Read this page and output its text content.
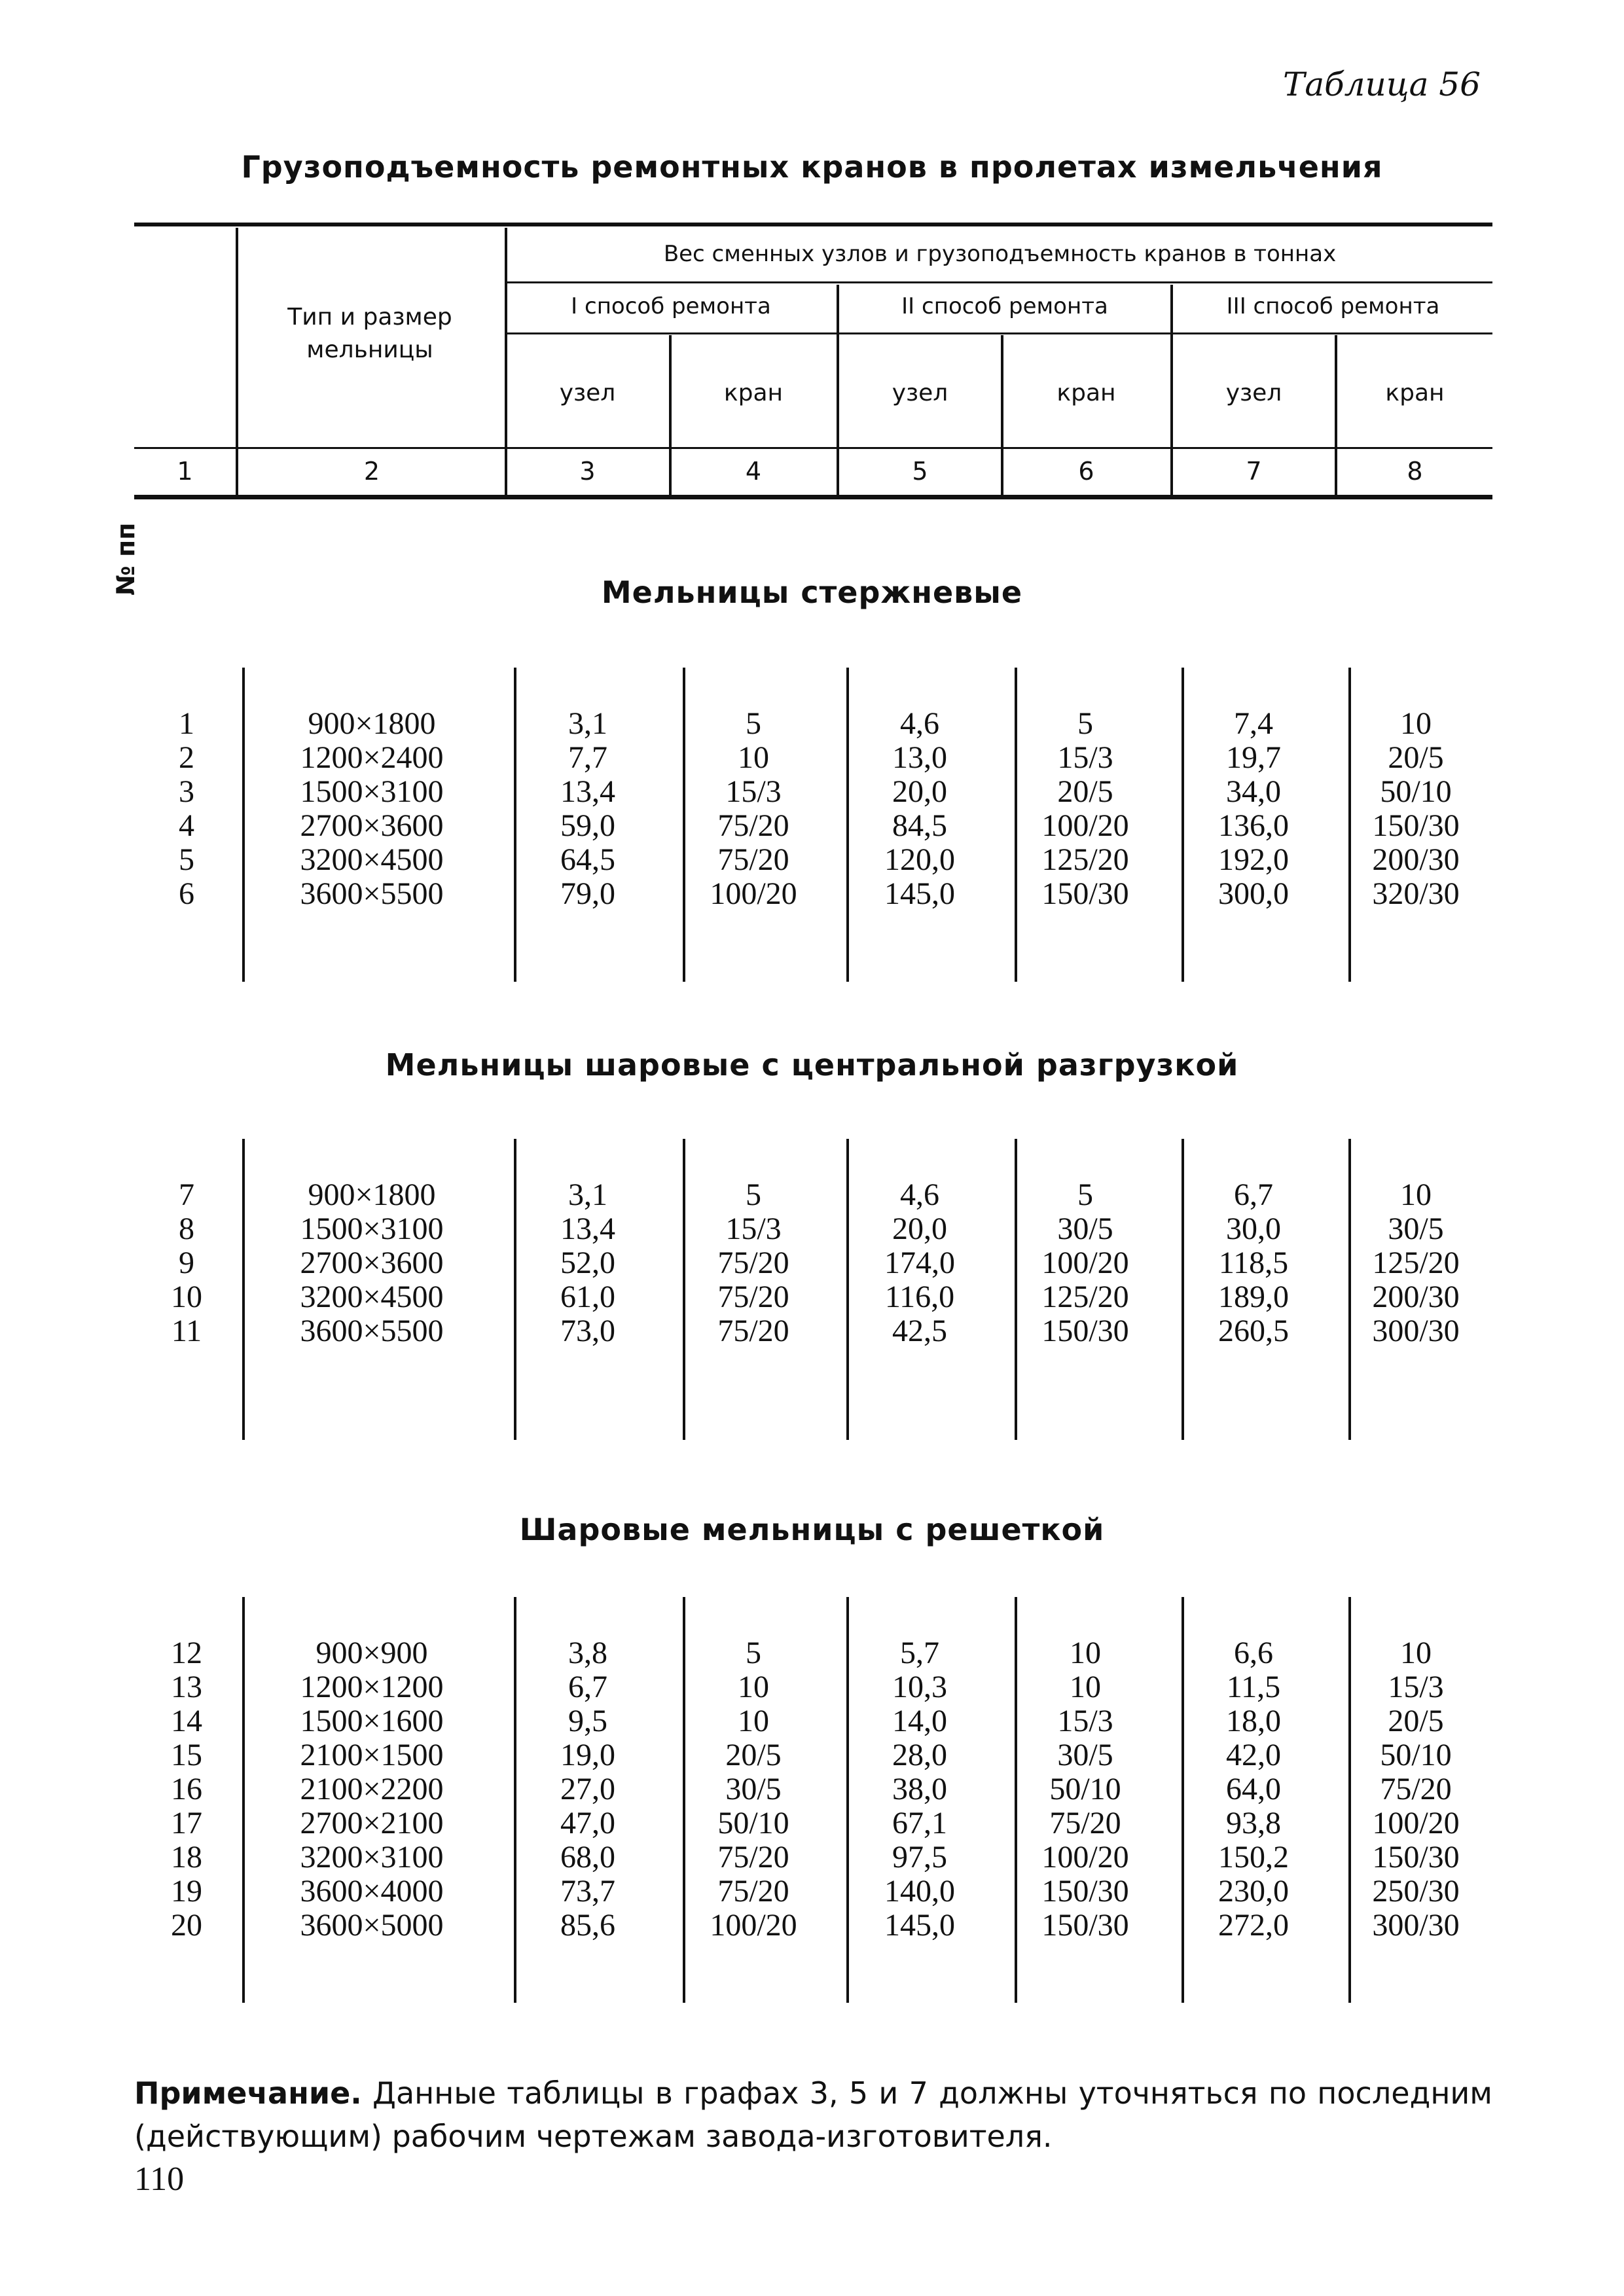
Таблица 56
Грузоподъемность ремонтных кранов в пролетах измельчения
№ пп
Тип и размер мельницы
Вес сменных узлов и грузоподъемность кранов в тоннах
I способ ремонта	II способ ремонта	III способ ремонта
узел	кран	узел	кран	узел	кран
1	2	3	4	5	6	7	8
Мельницы стержневые
1	900×1800	3,1	5	4,6	5	7,4	10
2	1200×2400	7,7	10	13,0	15/3	19,7	20/5
3	1500×3100	13,4	15/3	20,0	20/5	34,0	50/10
4	2700×3600	59,0	75/20	84,5	100/20	136,0	150/30
5	3200×4500	64,5	75/20	120,0	125/20	192,0	200/30
6	3600×5500	79,0	100/20	145,0	150/30	300,0	320/30
Мельницы шаровые с центральной разгрузкой
7	900×1800	3,1	5	4,6	5	6,7	10
8	1500×3100	13,4	15/3	20,0	30/5	30,0	30/5
9	2700×3600	52,0	75/20	174,0	100/20	118,5	125/20
10	3200×4500	61,0	75/20	116,0	125/20	189,0	200/30
11	3600×5500	73,0	75/20	42,5	150/30	260,5	300/30
Шаровые мельницы с решеткой
12	900×900	3,8	5	5,7	10	6,6	10
13	1200×1200	6,7	10	10,3	10	11,5	15/3
14	1500×1600	9,5	10	14,0	15/3	18,0	20/5
15	2100×1500	19,0	20/5	28,0	30/5	42,0	50/10
16	2100×2200	27,0	30/5	38,0	50/10	64,0	75/20
17	2700×2100	47,0	50/10	67,1	75/20	93,8	100/20
18	3200×3100	68,0	75/20	97,5	100/20	150,2	150/30
19	3600×4000	73,7	75/20	140,0	150/30	230,0	250/30
20	3600×5000	85,6	100/20	145,0	150/30	272,0	300/30
Примечание. Данные таблицы в графах 3, 5 и 7 должны уточняться по последним (действующим) рабочим чертежам завода-изготовителя.
110
